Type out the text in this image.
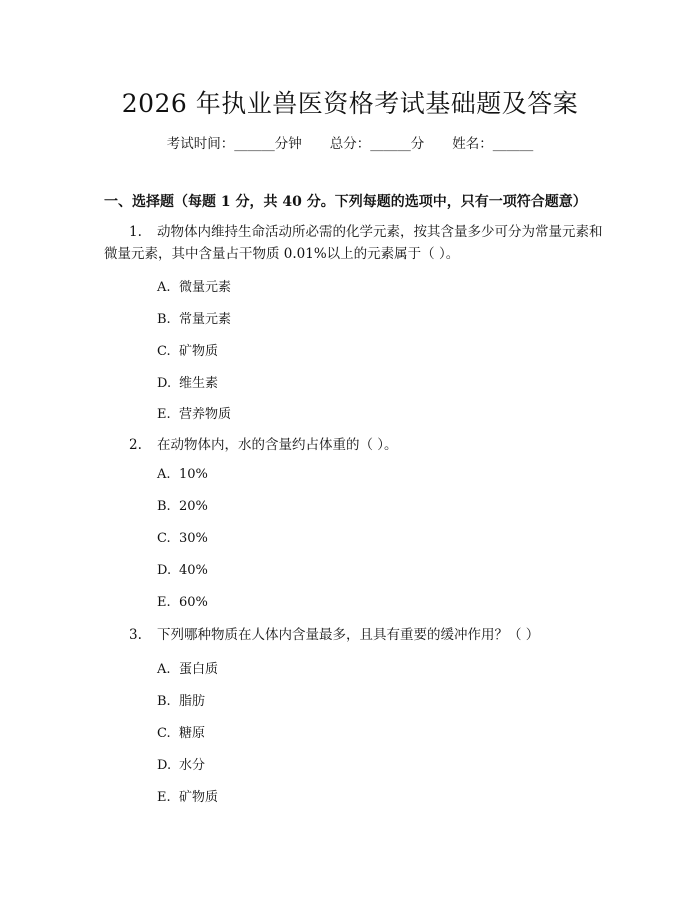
2026 年执业兽医资格考试基础题及答案
考试时间：______分钟 总分：______分 姓名：______
一、选择题（每题 1 分，共 40 分。下列每题的选项中，只有一项符合题意）
1. 动物体内维持生命活动所必需的化学元素，按其含量多少可分为常量元素和微量元素，其中含量占干物质 0.01%以上的元素属于（ ）。
A. 微量元素
B. 常量元素
C. 矿物质
D. 维生素
E. 营养物质
2. 在动物体内，水的含量约占体重的（ ）。
A. 10%
B. 20%
C. 30%
D. 40%
E. 60%
3. 下列哪种物质在人体内含量最多，且具有重要的缓冲作用？（ ）
A. 蛋白质
B. 脂肪
C. 糖原
D. 水分
E. 矿物质
